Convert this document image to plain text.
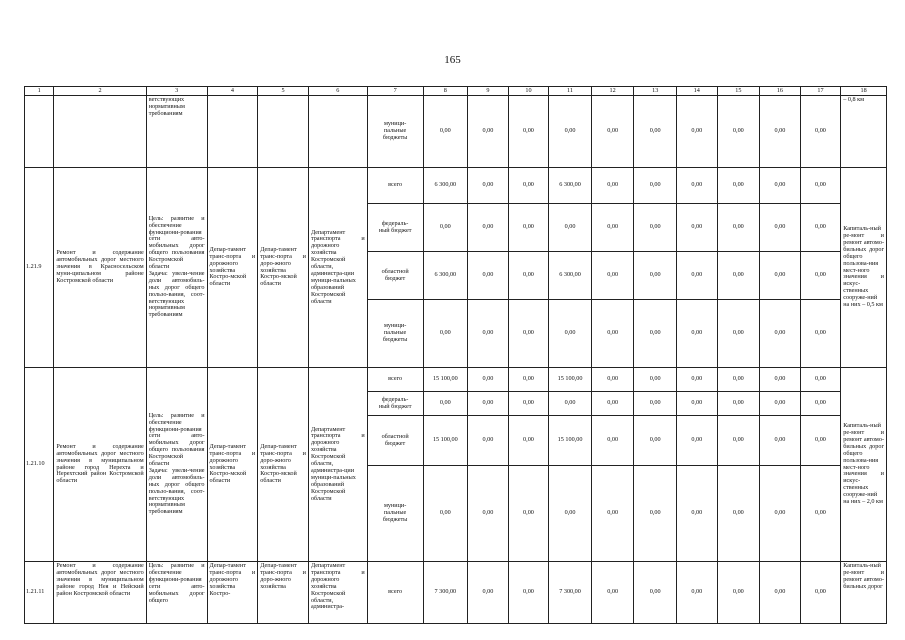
165
1	2	3	4	5	6	7	8	9	10	11	12	13	14	15	16	17	18
		ветствующих
нормативным
требованиям				муници-
пальные
бюджеты	0,00	0,00	0,00	0,00	0,00	0,00	0,00	0,00	0,00	0,00	– 0,8 км
1.21.9	Ремонт и содержание автомобильных дорог местного значения в Красносельском муни-ципальном районе Костромской области	Цель: развитие и обеспечение функциони-рования сети авто-мобильных дорог общего пользования Костромской области
Задача: увели-чение доли автомобиль-ных дорог общего пользо-вания, соот-ветствующих нормативным требованиям	Депар-тамент транс-порта и дорожного хозяйства Костро-мской области	Депар-тамент транс-порта и доро-жного хозяйства Костро-мской области	Департамент транспорта и дорожного хозяйства Костромской области, администра-ции муници-пальных образований Костромской области	всего	6 300,00	0,00	0,00	6 300,00	0,00	0,00	0,00	0,00	0,00	0,00	Капиталь-ный ре-монт и ремонт автомо-бильных дорог общего пользова-ния мест-ного значения и искус-ственных сооруже-ний на них – 0,5 км
						федераль-
ный бюджет	0,00	0,00	0,00	0,00	0,00	0,00	0,00	0,00	0,00	0,00	
						областной
бюджет	6 300,00	0,00	0,00	6 300,00	0,00	0,00	0,00	0,00	0,00	0,00	
						муници-
пальные
бюджеты	0,00	0,00	0,00	0,00	0,00	0,00	0,00	0,00	0,00	0,00	
1.21.10	Ремонт и содержание автомобильных дорог местного значения в муниципальном районе город Нерехта и Нерехтский район Костромской области	Цель: развитие и обеспечение функциони-рования сети авто-мобильных дорог общего пользования Костромской области
Задача: увели-чение доли автомобиль-ных дорог общего пользо-вания, соот-ветствующих нормативным требованиям	Депар-тамент транс-порта и дорожного хозяйства Костро-мской области	Депар-тамент транс-порта и доро-жного хозяйства Костро-мской области	Департамент транспорта и дорожного хозяйства Костромской области, администра-ции муници-пальных образований Костромской области	всего	15 100,00	0,00	0,00	15 100,00	0,00	0,00	0,00	0,00	0,00	0,00	Капиталь-ный ре-монт и ремонт автомо-бильных дорог общего пользова-ния мест-ного значения и искус-ственных сооруже-ний на них – 2,0 км
						федераль-
ный бюджет	0,00	0,00	0,00	0,00	0,00	0,00	0,00	0,00	0,00	0,00	
						областной
бюджет	15 100,00	0,00	0,00	15 100,00	0,00	0,00	0,00	0,00	0,00	0,00	
						муници-
пальные
бюджеты	0,00	0,00	0,00	0,00	0,00	0,00	0,00	0,00	0,00	0,00	
1.21.11	Ремонт и содержание автомобильных дорог местного значения в муниципальном районе город Нея и Нейский район Костромской области	Цель: развитие и обеспечение функциони-рования сети авто-мобильных дорог общего	Депар-тамент транс-порта и дорожного хозяйства Костро-	Депар-тамент транс-порта и доро-жного хозяйства	Департамент транспорта и дорожного хозяйства Костромской области, администра-	всего	7 300,00	0,00	0,00	7 300,00	0,00	0,00	0,00	0,00	0,00	0,00	Капиталь-ный ре-монт и ремонт автомо-бильных дорог
